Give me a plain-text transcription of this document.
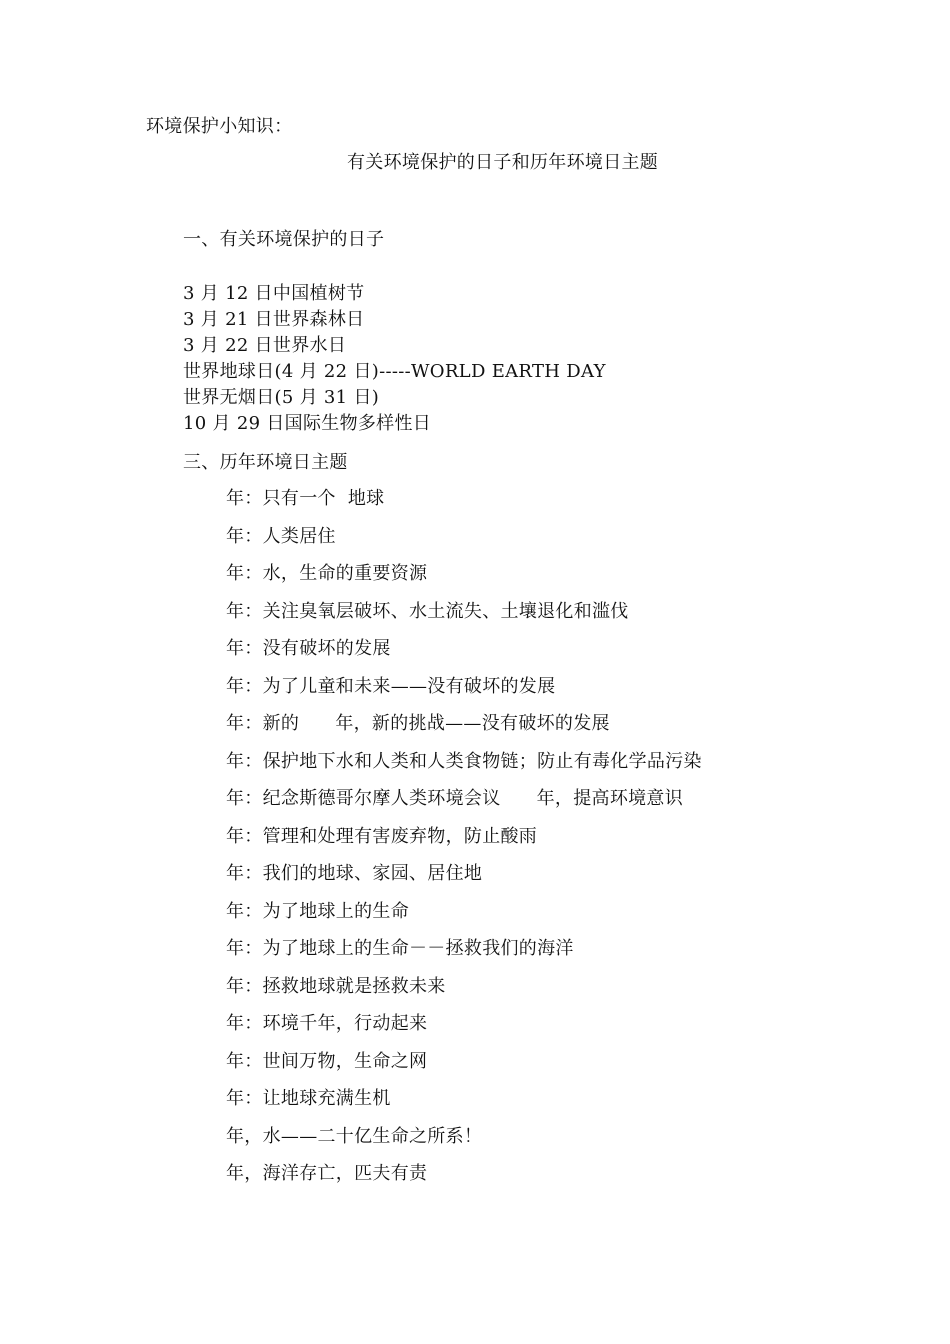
环境保护小知识：
有关环境保护的日子和历年环境日主题
一、有关环境保护的日子
3 月 12 日中国植树节
3 月 21 日世界森林日
3 月 22 日世界水日
世界地球日(4 月 22 日)-----WORLD EARTH DAY
世界无烟日(5 月 31 日)
10 月 29 日国际生物多样性日
三、历年环境日主题
年：只有一个  地球
年：人类居住
年：水，生命的重要资源
年：关注臭氧层破坏、水土流失、土壤退化和滥伐
年：没有破坏的发展
年：为了儿童和未来——没有破坏的发展
年：新的      年，新的挑战——没有破坏的发展
年：保护地下水和人类和人类食物链；防止有毒化学品污染
年：纪念斯德哥尔摩人类环境会议      年，提高环境意识
年：管理和处理有害废弃物，防止酸雨
年：我们的地球、家园、居住地
年：为了地球上的生命
年：为了地球上的生命－－拯救我们的海洋
年：拯救地球就是拯救未来
年：环境千年，行动起来
年：世间万物，生命之网
年：让地球充满生机
年，水——二十亿生命之所系！
年，海洋存亡，匹夫有责
